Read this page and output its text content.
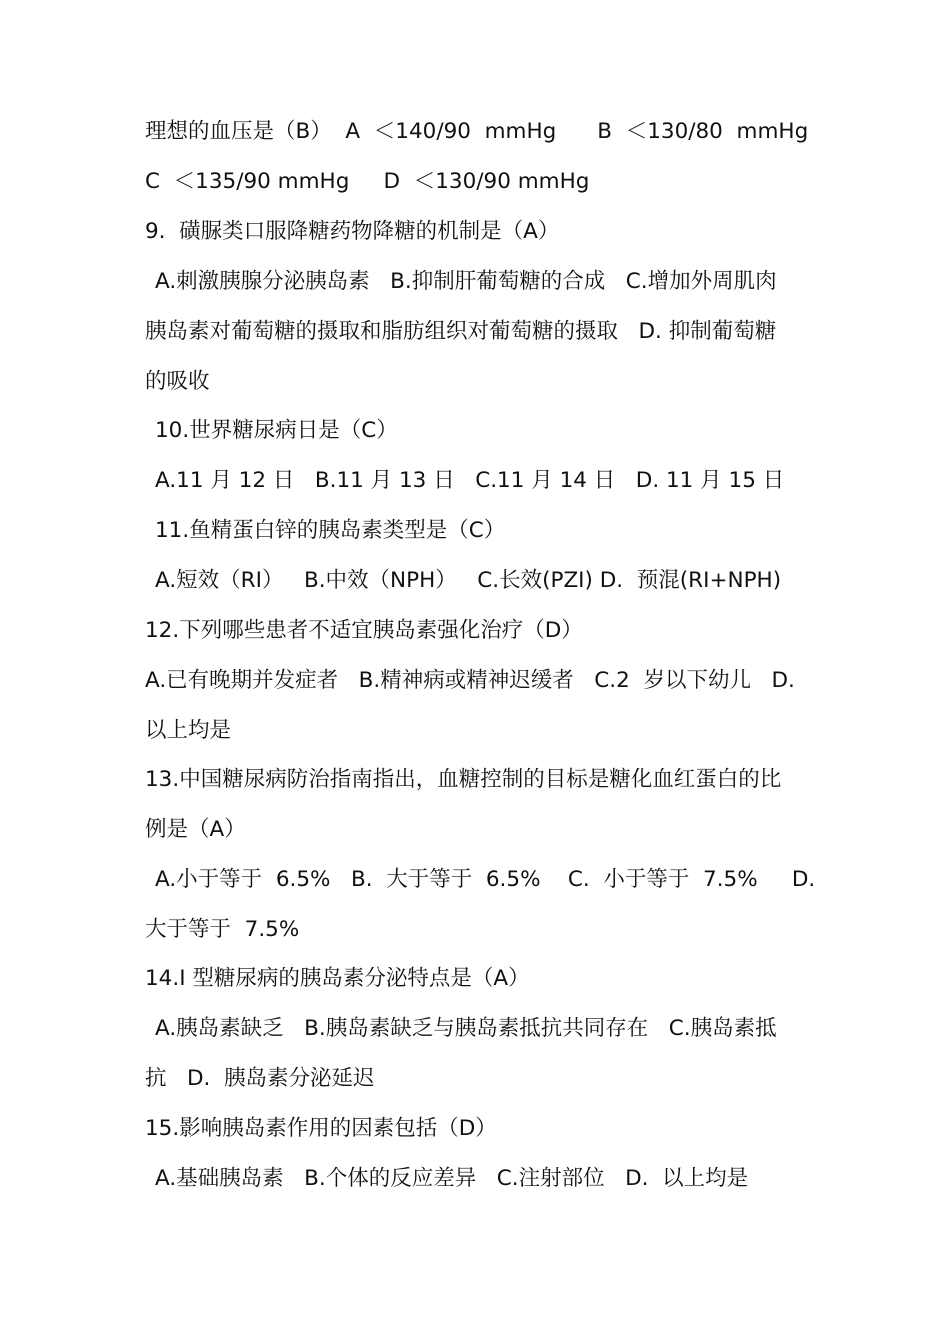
理想的血压是（B）  A  ＜140/90  mmHg      B  ＜130/80  mmHg
C  ＜135/90 mmHg     D  ＜130/90 mmHg
9.  磺脲类口服降糖药物降糖的机制是（A）
A.刺激胰腺分泌胰岛素   B.抑制肝葡萄糖的合成   C.增加外周肌肉
胰岛素对葡萄糖的摄取和脂肪组织对葡萄糖的摄取   D. 抑制葡萄糖
的吸收
10.世界糖尿病日是（C）
A.11 月 12 日   B.11 月 13 日   C.11 月 14 日   D. 11 月 15 日
11.鱼精蛋白锌的胰岛素类型是（C）
A.短效（RI）   B.中效（NPH）   C.长效(PZI) D.  预混(RI+NPH)
12.下列哪些患者不适宜胰岛素强化治疗（D）
A.已有晚期并发症者   B.精神病或精神迟缓者   C.2  岁以下幼儿   D.
以上均是
13.中国糖尿病防治指南指出，血糖控制的目标是糖化血红蛋白的比
例是（A）
A.小于等于  6.5%   B.  大于等于  6.5%    C.  小于等于  7.5%     D.
大于等于  7.5%
14.I 型糖尿病的胰岛素分泌特点是（A）
A.胰岛素缺乏   B.胰岛素缺乏与胰岛素抵抗共同存在   C.胰岛素抵
抗   D.  胰岛素分泌延迟
15.影响胰岛素作用的因素包括（D）
A.基础胰岛素   B.个体的反应差异   C.注射部位   D.  以上均是
